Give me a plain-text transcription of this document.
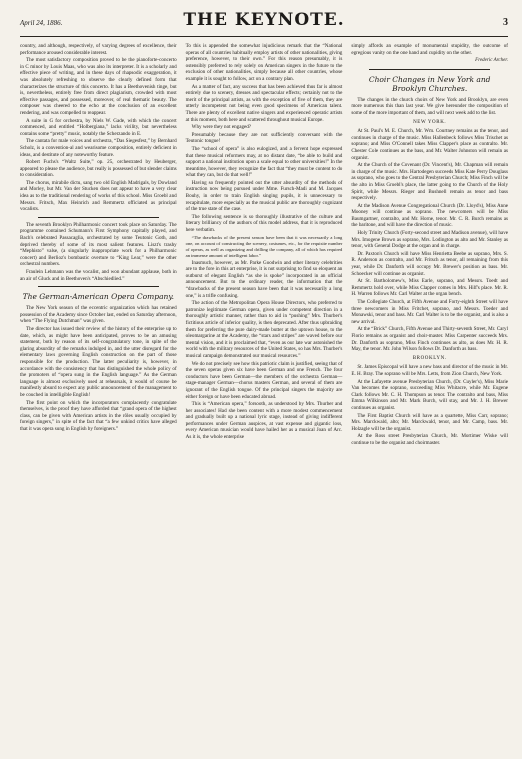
April 24, 1886.	THE KEYNOTE.	3

country, and although, respectively, of varying degrees of excellence, their performance aroused considerable interest.

The most satisfactory composition proved to be the pianoforte-concerto in C minor by Louis Maas, who was also its interpreter. It is a scholarly and effective piece of writing, and in these days of rhapsodic exaggeration, it was absolutely refreshing to observe the clearly defined form that characterizes the structure of this concerto. It has a Beethovenish tinge, but is, nevertheless, entirely free from direct plagiarism, crowded with most effective passages, and possessed, moreover, of real thematic beauty. The composer was cheered to the echo at the conclusion of an excellent rendering, and was compelled to reappear.

A suite in G for orchestra, by Niels W. Gade, with which the concert commenced, and entitled “Holbergiana,” lacks virility, but nevertheless contains some “pretty” music, notably the Scherzando in E.

The cantata for male voices and orchestra, “Das Siegesfest,” by Bernhard Scholz, is a convention-al and wearisome composition, entirely deficient in ideas, and destitute of any noteworthy feature.

Robert Fuchs's “Waltz Suite,” op. 25, orchestrated by Heuberger, appeared to please the audience, but really is possessed of but slender claims to consideration.

The chorus, mirabile dictu, sang two old English Madrigals, by Dowland and Morley, but Mr. Van der Stucken does not appear to have a very clear idea as to the traditional rendering of works of this school. Miss Groebl and Messrs. Fritsch, Max Heinrich and Remmertz officiated as principal vocalists.

The seventh Brooklyn Philharmonic concert took place on Saturday. The programme contained Schumann's First Symphony capitally played, and Bach's celebrated Passacaglia, orchestrated by some Teutonic Goth, and deprived thereby of some of its most salient features. Liszt's trashy “Mephisto” valse, (a singularly inappropriate work for a Philharmonic concert) and Berlioz's bombastic overture to “King Lear,” were the other orchestral numbers.

Fraulein Lehmann was the vocalist, and won abundant applause, both in an air of Gluck and in Beethoven's “Abschiedlied.”

The German-American Opera Company.

The New York season of the eccentric organization which has retained possession of the Academy since October last, ended on Saturday afternoon, when “The Flying Dutchman” was given.

The director has issued their review of the history of the enterprise up to date, which, as might have been anticipated, proves to be an amusing statement, both by reason of its self-congratulatory tone, in spite of the glaring absurdity of the remarks indulged in, and the utter disregard for the elementary laws governing English construction on the part of those responsible for the production. The latter peculiarity is, however, in accordance with the consistency that has distinguished the whole policy of the promoters of “opera sung in the English language.” As the German language is almost exclusively used at rehearsals, it would of course be manifestly absurd to expect any public announcement of the management to be couched in intelligible English!

The first point on which the incorporators complacently congratulate themselves, is the proof they have afforded that “grand opera of the highest class, can be given with American artists in the rôles usually occupied by foreign singers,” in spite of the fact that “a few unkind critics have alleged that it was opera sung in English by foreigners.”

To this is appended the somewhat injudicious remark that the “National operas of all countries habitually employ artists of other nationalities, giving preference, however, to their own.” For this reason presumably, it is ostensibly preferred to rely solely on American singers in the future to the exclusion of other nationalities, simply because all other countries, whose example it is sought to follow, act on a contrary plan.

As a matter of fact, any success that has been achieved thus far is almost entirely due to scenery, dresses and spectacular effects; certainly not to the merit of the principal artists, as with the exception of five of them, they are utterly incompetent not being even good specimens of American talent. There are plenty of excellent native singers and experienced operatic artists at this moment, both here and scattered throughout musical Europe.

Why were they not engaged?

Presumably because they are not sufficiently conversant with the Teutonic tongue!

The “school of opera” is also eulogized, and a fervent hope expressed that these musical reformers may, at no distant date, “be able to build and support a national institution upon a scale equal to other universities!” In the meantime, however, they recognize the fact that “they must be content to do what they can, but do that well!”

Having so frequently pointed out the utter absurdity of the methods of instruction now being pursued under Mme. Fursch-Madi and M. Jacques Bouhy, in order to train English singing pupils, it is unnecessary to recapitulate, more especially as the musical public are thoroughly cognizant of the true state of the case.

The following sentence is so thoroughly illustrative of the culture and literary brilliancy of the authors of this model address, that it is reproduced here verbatim.

“The drawbacks of the present season have been that it was necessarily a long one, on account of constructing the scenery, costumes, etc., for the requisite number of operas, as well as organizing and drilling the company, all of which has required an immense amount of intelligent labor.”

Inasmuch, however, as Mr. Parke Goodwin and other literary celebrities are to the fore in this art enterprise, it is not surprising to find so eloquent an outburst of elegant English “as she is spoke” incorporated in an official announcement. But to the ordinary reader, the information that the “drawbacks of the present season have been that it was necessarily a long one,” is a trifle confusing.

The action of the Metropolitan Opera House Directors, who preferred to patronize legitimate German opera, given under competent direction in a thoroughly artistic manner, rather than to aid in “pushing” Mrs. Thurber's fictitious article of inferior quality, is then deprecated. After thus upbraiding them for preferring the pure dairy-made butter at the uptown house, to the oleomargarine at the Academy, the “stars and stripes” are waved before our mental vision, and it is proclaimed that, “even as our late war astonished the world with the military resources of the United States, so has Mrs. Thurber's musical campaign demonstrated our musical resources.”

We do not precisely see how this patriotic claim is justified, seeing that of the seven operas given six have been German and one French. The four conductors have been German—the members of the orchestra German—stage-manager German—chorus masters German, and several of them are ignorant of the English tongue. Of the principal singers the majority are either foreign or have been educated abroad.

This is “American opera,” forsooth, as understood by Mrs. Thurber and her associates! Had she been content with a more modest commencement and gradually built up a national lyric stage, instead of giving indifferent performances under German auspices, at vast expense and gigantic loss, every American musician would have hailed her as a musical Joan of Arc. As it is, the whole enterprise

simply affords an example of monumental stupidity, the outcome of egregious vanity on the one hand and cupidity on the other.

Frederic Archer.
Choir Changes in New York and Brooklyn Churches.

The changes in the church choirs of New York and Brooklyn, are even more numerous this than last year. We give hereunder the composition of some of the more important of them, and will next week add to the list.

NEW YORK.

At St. Paul's M. E. Church, Mr. Wm. Courtney remains as the tenor, and continues in charge of the music. Miss Hallenbeck follows Miss Trischet as soprano; and Miss O'Connell takes Miss Clapper's place as contralto. Mr. Chester Cole continues as the bass, and Mr. Walter Johnston will remain as organist.

At the Church of the Covenant (Dr. Vincent's), Mr. Chapman will remain in charge of the music. Mrs. Hartodegen succeeds Miss Kate Perry Douglass as soprano, who goes to the Central Presbyterian Church; Miss Finch will be the alto in Miss Groebl's place, the latter going to the Church of the Holy Spirit, while Messrs. Rieger and Bushnell remain as tenor and bass respectively.

At the Madison Avenue Congregational Church (Dr. Lloyd's), Miss Anne Mooney will continue as soprano. The newcomers will be Miss Baumgartner, contralto, and Mr. Horne, tenor. Mr. C. R. Burch remains as the baritone, and will have the direction of music.

Holy Trinity Church (Forty-second street and Madison avenue), will have Mrs. Imogene Brown as soprano, Mrs. Lodington as alto and Mr. Stanley as tenor, with General Dodge at the organ and in charge.

Dr. Paxton's Church will have Miss Henrietta Beebe as soprano, Mrs. S. R. Anderson as contralto, and Mr. Fritsch as tenor, all remaining from this year, while Dr. Danforth will occupy Mr. Brewer's position as bass. Mr. Schoecker will continue as organist.

At St. Bartholomew's, Miss Earle, soprano, and Messrs. Toedt and Remmertz hold over, while Miss Clapper comes in Mrs. Hilf's place. Mr. R. H. Warren follows Mr. Carl Walter at the organ bench.

The Collegiate Church, at Fifth Avenue and Forty-eighth Street will have three newcomers in Miss Fritchet, soprano, and Messrs. Toeder and Monawski, tenor and bass. Mr. Carl Walter is to be the organist, and is also a new arrival.

At the “Brick” Church, Fifth Avenue and Thirty-seventh Street, Mr. Caryl Florio remains as organist and choir-master. Miss Carpenter succeeds Mrs. Dr. Danforth as soprano, Miss Finch continues as alto, as does Mr. H. R. May, the tenor. Mr. John Wilson follows Dr. Danforth as bass.

BROOKLYN.

St. James Episcopal will have a new bass and director of the music in Mr. E. H. Bray. The soprano will be Mrs. Letts, from Zion Church, New York.

At the Lafayette avenue Presbyterian Church, (Dr. Cuyler's), Miss Marie Van becomes the soprano, succeeding Miss Whitacre, while Mr. Eugene Clark follows Mr. C. H. Thompson as tenor. The contralto and bass, Miss Emma Wilkinson and Mr. Mark Burch, will stay, and Mr. J. H. Brewer continues as organist.

The First Baptist Church will have as a quartette, Miss Carr, soprano; Mrs. Marckwald, alto; Mr. Marckwald, tenor, and Mr. Camp, bass. Mr. Holzagle will be the organist.

At the Ross street Presbyterian Church, Mr. Mortimer Wiske will continue to be the organist and choirmaster.
